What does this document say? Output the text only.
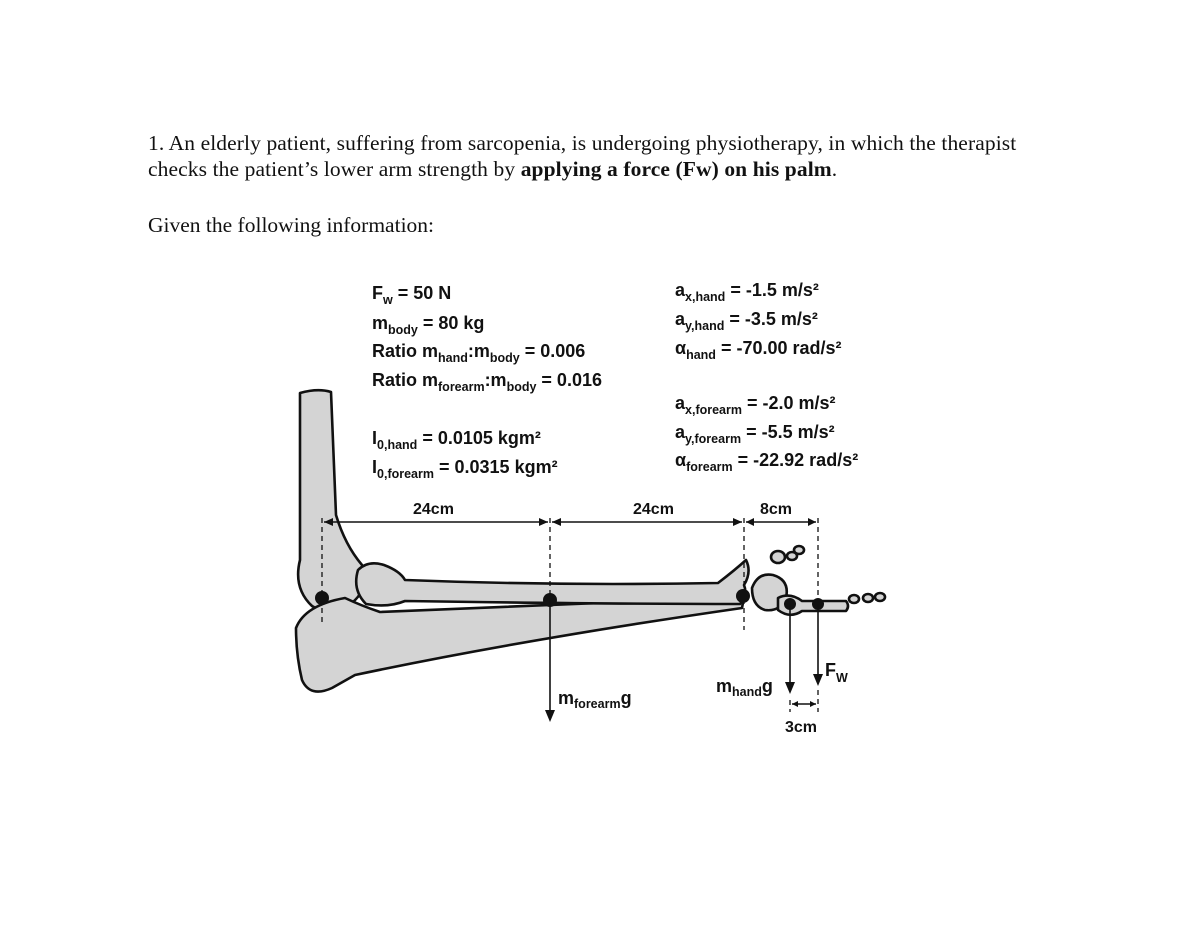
1. An elderly patient, suffering from sarcopenia, is undergoing physiotherapy, in which the therapist checks the patient’s lower arm strength by applying a force (Fw) on his palm.
Given the following information:
$F_w = 50$ N
$m_{body} = 80$ kg
Ratio $m_{hand}:m_{body} = 0.006$
Ratio $m_{forearm}:m_{body} = 0.016$
$I_{0,hand} = 0.0105$ kgm²
$I_{0,forearm} = 0.0315$ kgm²
$a_{x,hand} = -1.5$ m/s²
$a_{y,hand} = -3.5$ m/s²
$\alpha_{hand} = -70.00$ rad/s²
$a_{x,forearm} = -2.0$ m/s²
$a_{y,forearm} = -5.5$ m/s²
$\alpha_{forearm} = -22.92$ rad/s²
24cm	24cm	8cm
3cm
$m_{forearm}g$
$m_{hand}g$
$F_W$
